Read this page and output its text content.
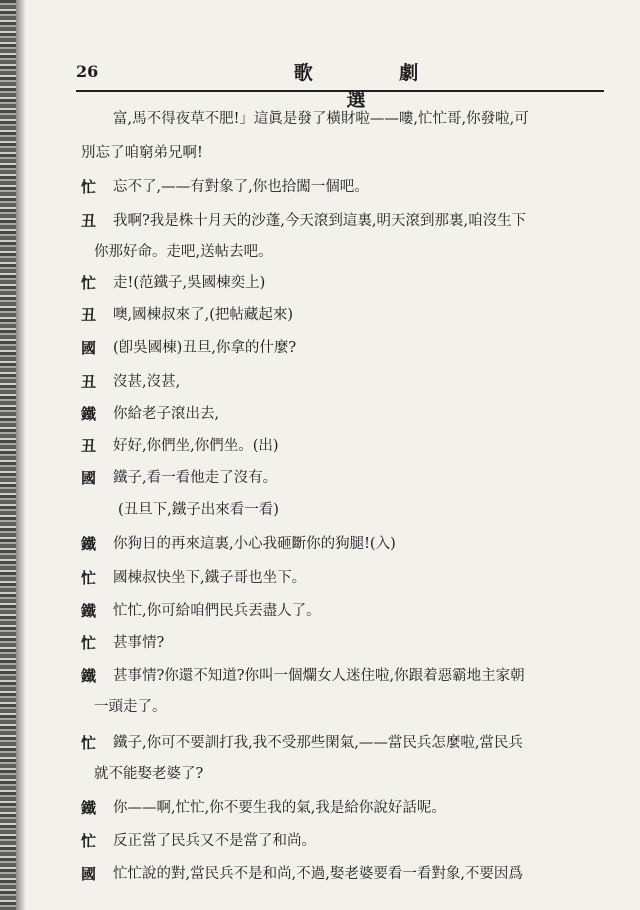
26	歌 劇 選
富,馬不得夜草不肥!」這眞是發了橫財啦——嘍,忙忙哥,你發啦,可
別忘了咱窮弟兄啊!
忙	忘不了,——有對象了,你也拾闖一個吧。
丑	我啊?我是株十月天的沙蓬,今天滾到這裏,明天滾到那裏,咱沒生下
你那好命。走吧,送帖去吧。
忙	走!(范鐵子,吳國棟奕上)
丑	噢,國棟叔來了,(把帖藏起來)
國	(卽吳國棟)丑旦,你拿的什麼?
丑	沒甚,沒甚,
鐵	你給老子滾出去,
丑	好好,你們坐,你們坐。(出)
國	鐵子,看一看他走了沒有。
(丑旦下,鐵子出來看一看)
鐵	你狗日的再來這裏,小心我砸斷你的狗腿!(入)
忙	國棟叔快坐下,鐵子哥也坐下。
鐵	忙忙,你可給咱們民兵丟盡人了。
忙	甚事情?
鐵	甚事情?你還不知道?你叫一個爛女人迷住啦,你跟着惡霸地主家朝
一頭走了。
忙	鐵子,你可不要訓打我,我不受那些閑氣,——當民兵怎麼啦,當民兵
就不能娶老婆了?
鐵	你——啊,忙忙,你不要生我的氣,我是給你說好話呢。
忙	反正當了民兵又不是當了和尚。
國	忙忙說的對,當民兵不是和尚,不過,娶老婆要看一看對象,不要因爲
